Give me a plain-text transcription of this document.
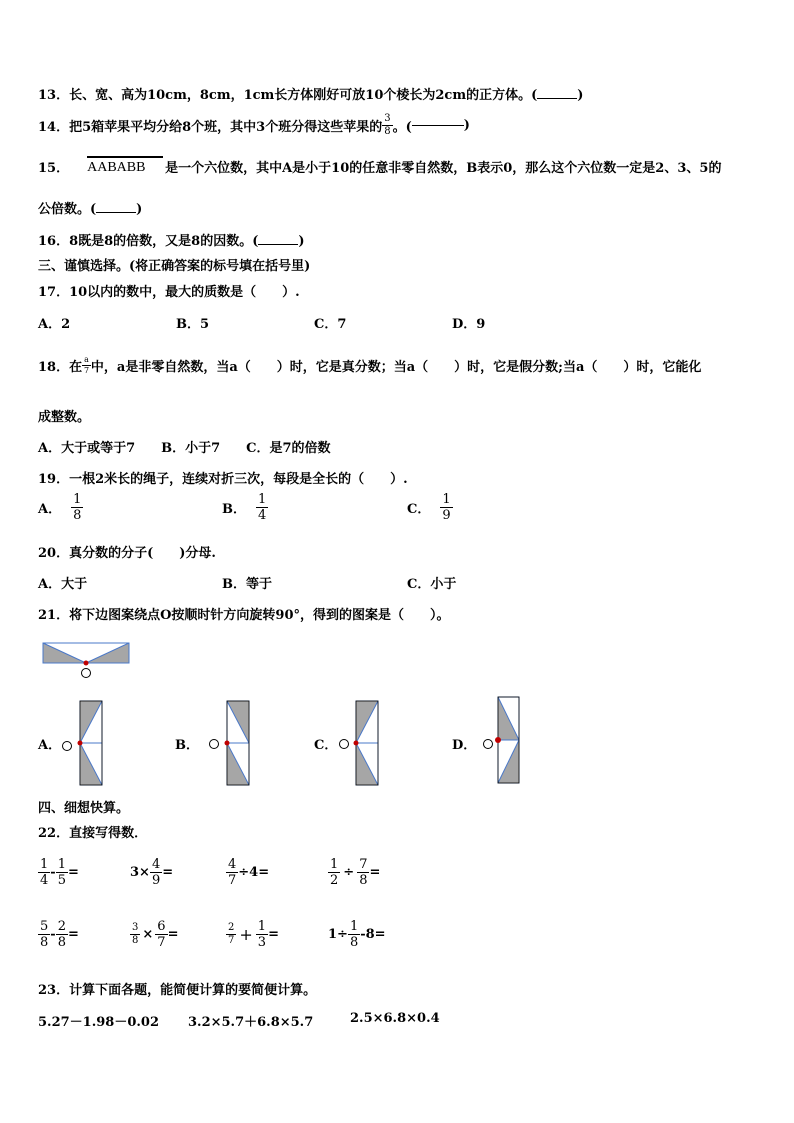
13．长、宽、高为10cm，8cm，1cm长方体刚好可放10个棱长为2cm的正方体。(	)
14． 把5箱苹果平均分给8个班，其中3个班分得这些苹果的 $\frac{3}{8}$ 。(	)
15． AABABB	是一个六位数，其中A是小于10的任意非零自然数，B表示0，那么这个六位数一定是2、3、5的
公倍数。(	)
16．8既是8的倍数，又是8的因数。(	)
三、谨慎选择。(将正确答案的标号填在括号里)
17．10以内的数中，最大的质数是（　　）.
A．2	B．5	C．7	D．9
18． 在 $\frac{a}{7}$ 中，a是非零自然数，当a（　　）时，它是真分数；当a（　　）时，它是假分数;当a（　　）时，它能化
成整数。
A．大于或等于7　　B．小于7　　C．是7的倍数
19．一根2米长的绳子，连续对折三次，每段是全长的（　　）.
A． $\frac{1}{8}$	B． $\frac{1}{4}$	C． $\frac{1}{9}$
20．真分数的分子(　　)分母.
A．大于	B．等于	C．小于
21．将下边图案绕点O按顺时针方向旋转90°，得到的图案是（　　）。
A．	B．	C．	D．
四、细想快算。
22．直接写得数．
$\frac{1}{4} - \frac{1}{5}$ =	$3\times \frac{4}{9}$ =	$\frac{4}{7} \div 4=$	$\frac{1}{2} \div \frac{7}{8}$ =
$\frac{5}{8} - \frac{2}{8}$ =	$\frac{3}{8} \times \frac{6}{7}$ =	$\frac{2}{7} + \frac{1}{3}$ =	$1\div \frac{1}{8} -8=$
23．计算下面各题，能简便计算的要简便计算。
5.27－1.98－0.02 3.2×5.7＋6.8×5.7	2.5×6.8×0.4
